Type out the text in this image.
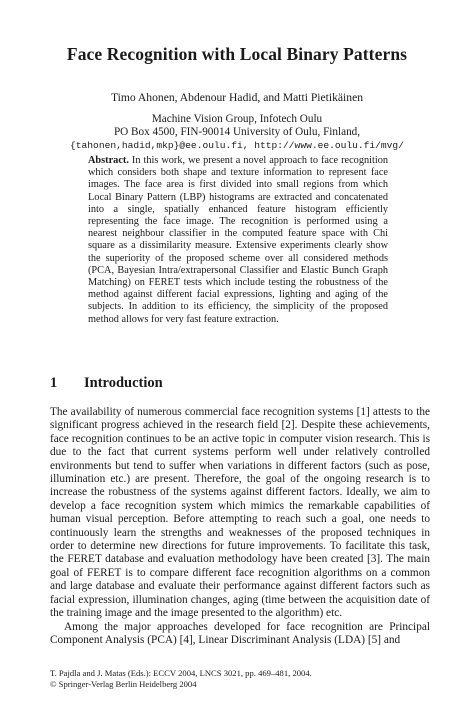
Face Recognition with Local Binary Patterns
Timo Ahonen, Abdenour Hadid, and Matti Pietikäinen
Machine Vision Group, Infotech Oulu
PO Box 4500, FIN-90014 University of Oulu, Finland,
{tahonen,hadid,mkp}@ee.oulu.fi, http://www.ee.oulu.fi/mvg/
Abstract. In this work, we present a novel approach to face recognition which considers both shape and texture information to represent face images. The face area is first divided into small regions from which Local Binary Pattern (LBP) histograms are extracted and concatenated into a single, spatially enhanced feature histogram efficiently representing the face image. The recognition is performed using a nearest neighbour classifier in the computed feature space with Chi square as a dissimilarity measure. Extensive experiments clearly show the superiority of the proposed scheme over all considered methods (PCA, Bayesian Intra/extrapersonal Classifier and Elastic Bunch Graph Matching) on FERET tests which include testing the robustness of the method against different facial expressions, lighting and aging of the subjects. In addition to its efficiency, the simplicity of the proposed method allows for very fast feature extraction.
1 Introduction

The availability of numerous commercial face recognition systems [1] attests to the significant progress achieved in the research field [2]. Despite these achievements, face recognition continues to be an active topic in computer vision research. This is due to the fact that current systems perform well under relatively controlled environments but tend to suffer when variations in different factors (such as pose, illumination etc.) are present. Therefore, the goal of the ongoing research is to increase the robustness of the systems against different factors. Ideally, we aim to develop a face recognition system which mimics the remarkable capabilities of human visual perception. Before attempting to reach such a goal, one needs to continuously learn the strengths and weaknesses of the proposed techniques in order to determine new directions for future improvements. To facilitate this task, the FERET database and evaluation methodology have been created [3]. The main goal of FERET is to compare different face recognition algorithms on a common and large database and evaluate their performance against different factors such as facial expression, illumination changes, aging (time between the acquisition date of the training image and the image presented to the algorithm) etc.

Among the major approaches developed for face recognition are Principal Component Analysis (PCA) [4], Linear Discriminant Analysis (LDA) [5] and

T. Pajdla and J. Matas (Eds.): ECCV 2004, LNCS 3021, pp. 469–481, 2004.
© Springer-Verlag Berlin Heidelberg 2004
